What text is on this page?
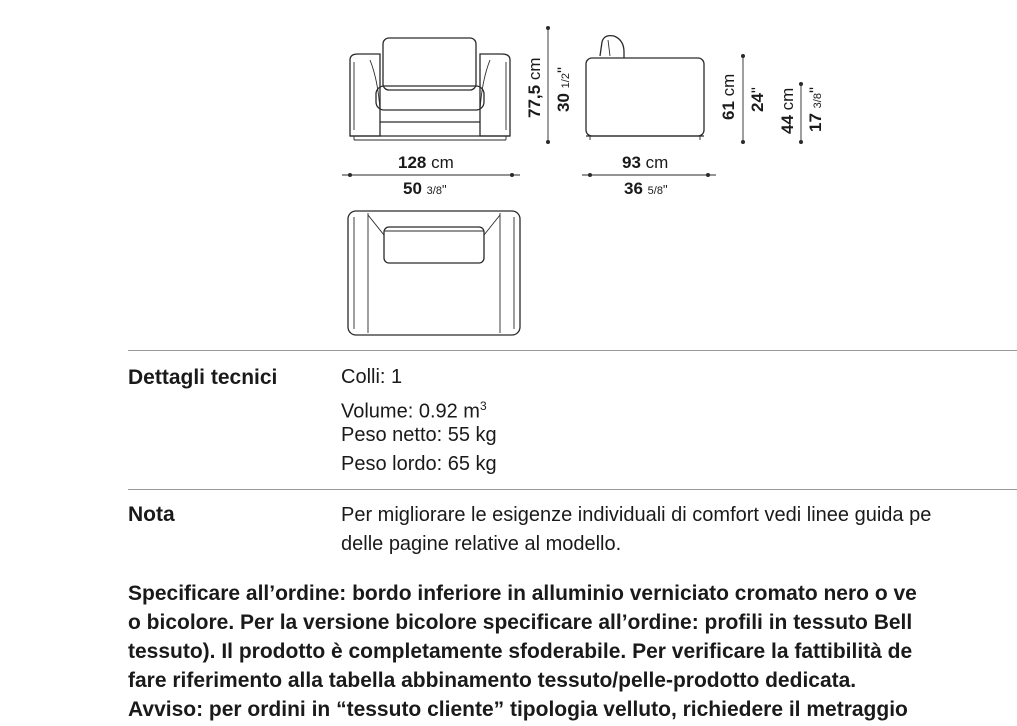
77,5 cm
30 1/2"
61 cm
24"
44 cm
17 3/8"
128 cm
50 3/8"
93 cm
36 5/8"
Dettagli tecnici	Colli: 1
Volume: 0.92 $m^3$
Peso netto: 55 kg
Peso lordo: 65 kg
Nota	Per migliorare le esigenze individuali di comfort vedi linee guida pe
delle pagine relative al modello.
Specificare all’ordine: bordo inferiore in alluminio verniciato cromato nero o ve
o bicolore. Per la versione bicolore specificare all’ordine: profili in tessuto Bell
tessuto). Il prodotto è completamente sfoderabile. Per verificare la fattibilità de
fare riferimento alla tabella abbinamento tessuto/pelle-prodotto dedicata.
Avviso: per ordini in “tessuto cliente” tipologia velluto, richiedere il metraggio
